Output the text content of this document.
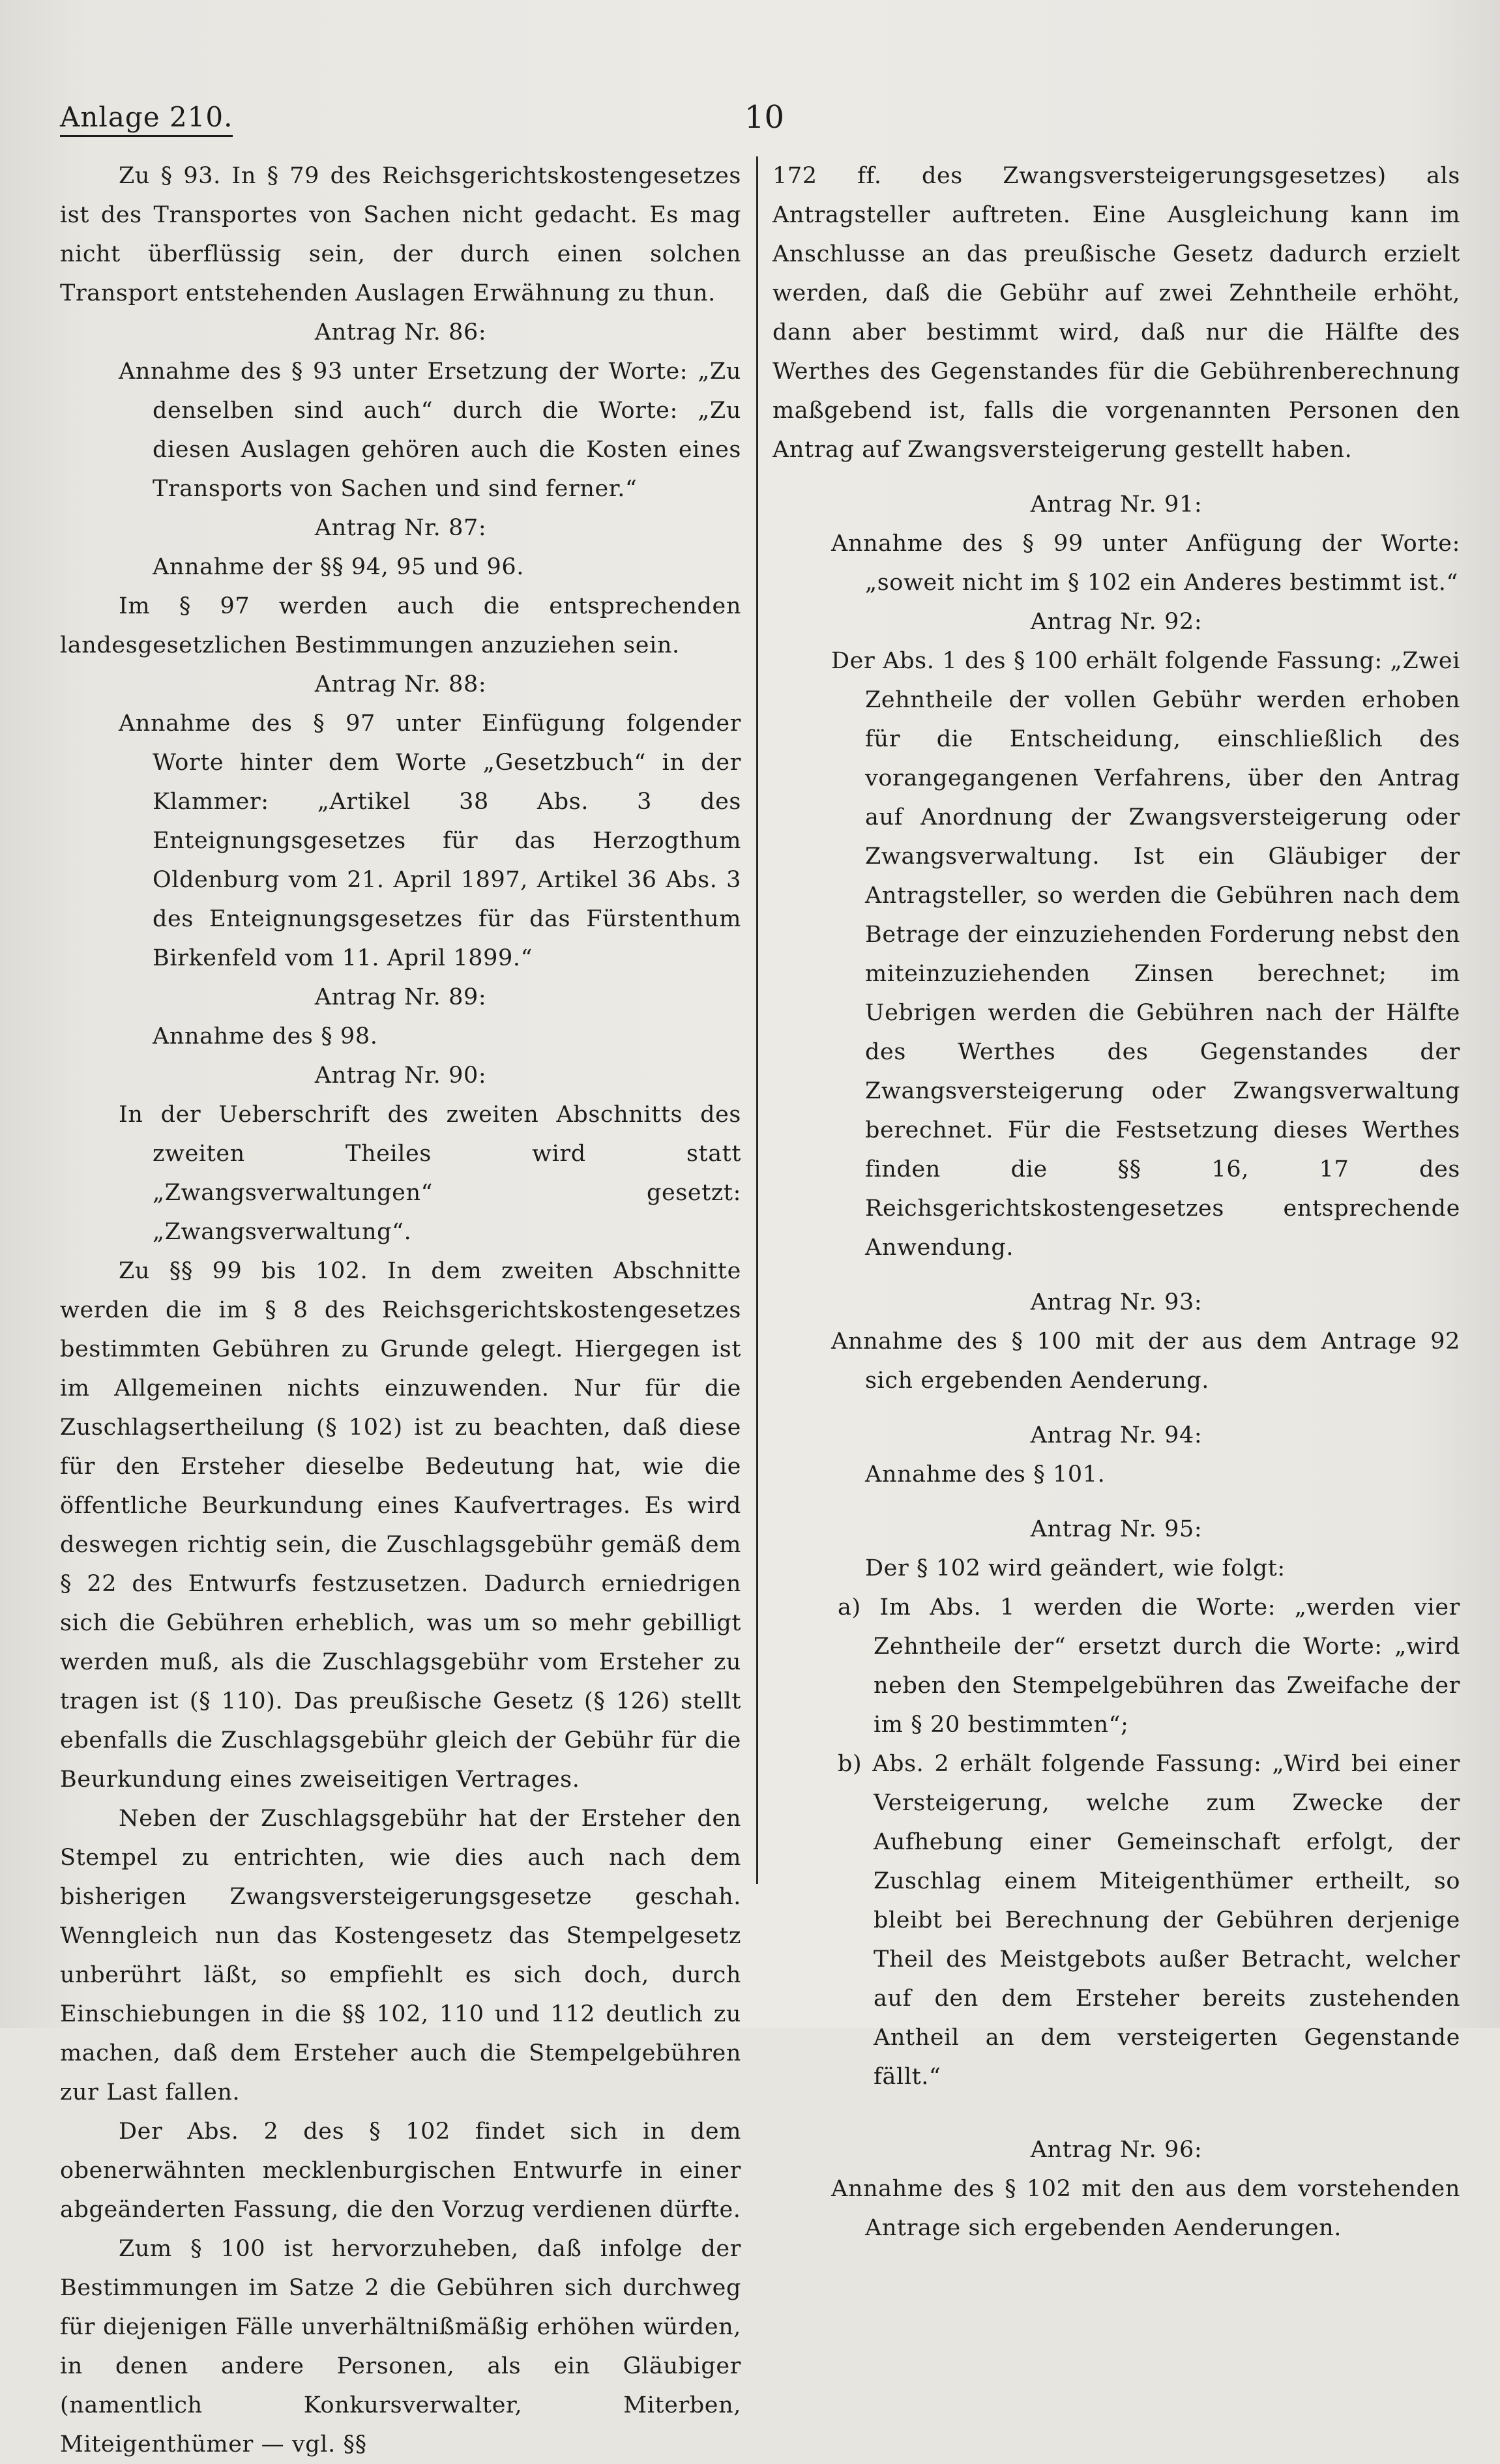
Anlage 210.	10

Zu § 93. In § 79 des Reichsgerichtskostengesetzes ist des Transportes von Sachen nicht gedacht. Es mag nicht überflüssig sein, der durch einen solchen Transport entstehenden Auslagen Erwähnung zu thun.

Antrag Nr. 86:

Annahme des § 93 unter Ersetzung der Worte: „Zu denselben sind auch“ durch die Worte: „Zu diesen Auslagen gehören auch die Kosten eines Transports von Sachen und sind ferner.“

Antrag Nr. 87:

Annahme der §§ 94, 95 und 96.

Im § 97 werden auch die entsprechenden landesgesetzlichen Bestimmungen anzuziehen sein.

Antrag Nr. 88:

Annahme des § 97 unter Einfügung folgender Worte hinter dem Worte „Gesetzbuch“ in der Klammer: „Artikel 38 Abs. 3 des Enteignungsgesetzes für das Herzogthum Oldenburg vom 21. April 1897, Artikel 36 Abs. 3 des Enteignungsgesetzes für das Fürstenthum Birkenfeld vom 11. April 1899.“

Antrag Nr. 89:

Annahme des § 98.

Antrag Nr. 90:

In der Ueberschrift des zweiten Abschnitts des zweiten Theiles wird statt „Zwangsverwaltungen“ gesetzt: „Zwangsverwaltung“.

Zu §§ 99 bis 102. In dem zweiten Abschnitte werden die im § 8 des Reichsgerichtskostengesetzes bestimmten Gebühren zu Grunde gelegt. Hiergegen ist im Allgemeinen nichts einzuwenden. Nur für die Zuschlagsertheilung (§ 102) ist zu beachten, daß diese für den Ersteher dieselbe Bedeutung hat, wie die öffentliche Beurkundung eines Kaufvertrages. Es wird deswegen richtig sein, die Zuschlagsgebühr gemäß dem § 22 des Entwurfs festzusetzen. Dadurch erniedrigen sich die Gebühren erheblich, was um so mehr gebilligt werden muß, als die Zuschlagsgebühr vom Ersteher zu tragen ist (§ 110). Das preußische Gesetz (§ 126) stellt ebenfalls die Zuschlagsgebühr gleich der Gebühr für die Beurkundung eines zweiseitigen Vertrages.

Neben der Zuschlagsgebühr hat der Ersteher den Stempel zu entrichten, wie dies auch nach dem bisherigen Zwangsversteigerungsgesetze geschah. Wenngleich nun das Kostengesetz das Stempelgesetz unberührt läßt, so empfiehlt es sich doch, durch Einschiebungen in die §§ 102, 110 und 112 deutlich zu machen, daß dem Ersteher auch die Stempelgebühren zur Last fallen.

Der Abs. 2 des § 102 findet sich in dem obenerwähnten mecklenburgischen Entwurfe in einer abgeänderten Fassung, die den Vorzug verdienen dürfte.

Zum § 100 ist hervorzuheben, daß infolge der Bestimmungen im Satze 2 die Gebühren sich durchweg für diejenigen Fälle unverhältnißmäßig erhöhen würden, in denen andere Personen, als ein Gläubiger (namentlich Konkursverwalter, Miterben, Miteigenthümer — vgl. §§

172 ff. des Zwangsversteigerungsgesetzes) als Antragsteller auftreten. Eine Ausgleichung kann im Anschlusse an das preußische Gesetz dadurch erzielt werden, daß die Gebühr auf zwei Zehntheile erhöht, dann aber bestimmt wird, daß nur die Hälfte des Werthes des Gegenstandes für die Gebührenberechnung maßgebend ist, falls die vorgenannten Personen den Antrag auf Zwangsversteigerung gestellt haben.

Antrag Nr. 91:

Annahme des § 99 unter Anfügung der Worte: „soweit nicht im § 102 ein Anderes bestimmt ist.“

Antrag Nr. 92:

Der Abs. 1 des § 100 erhält folgende Fassung: „Zwei Zehntheile der vollen Gebühr werden erhoben für die Entscheidung, einschließlich des vorangegangenen Verfahrens, über den Antrag auf Anordnung der Zwangsversteigerung oder Zwangsverwaltung. Ist ein Gläubiger der Antragsteller, so werden die Gebühren nach dem Betrage der einzuziehenden Forderung nebst den miteinzuziehenden Zinsen berechnet; im Uebrigen werden die Gebühren nach der Hälfte des Werthes des Gegenstandes der Zwangsversteigerung oder Zwangsverwaltung berechnet. Für die Festsetzung dieses Werthes finden die §§ 16, 17 des Reichsgerichtskostengesetzes entsprechende Anwendung.

Antrag Nr. 93:

Annahme des § 100 mit der aus dem Antrage 92 sich ergebenden Aenderung.

Antrag Nr. 94:

Annahme des § 101.

Antrag Nr. 95:

Der § 102 wird geändert, wie folgt:

a) Im Abs. 1 werden die Worte: „werden vier Zehntheile der“ ersetzt durch die Worte: „wird neben den Stempelgebühren das Zweifache der im § 20 bestimmten“;

b) Abs. 2 erhält folgende Fassung: „Wird bei einer Versteigerung, welche zum Zwecke der Aufhebung einer Gemeinschaft erfolgt, der Zuschlag einem Miteigenthümer ertheilt, so bleibt bei Berechnung der Gebühren derjenige Theil des Meistgebots außer Betracht, welcher auf den dem Ersteher bereits zustehenden Antheil an dem versteigerten Gegenstande fällt.“

Antrag Nr. 96:

Annahme des § 102 mit den aus dem vorstehenden Antrage sich ergebenden Aenderungen.
